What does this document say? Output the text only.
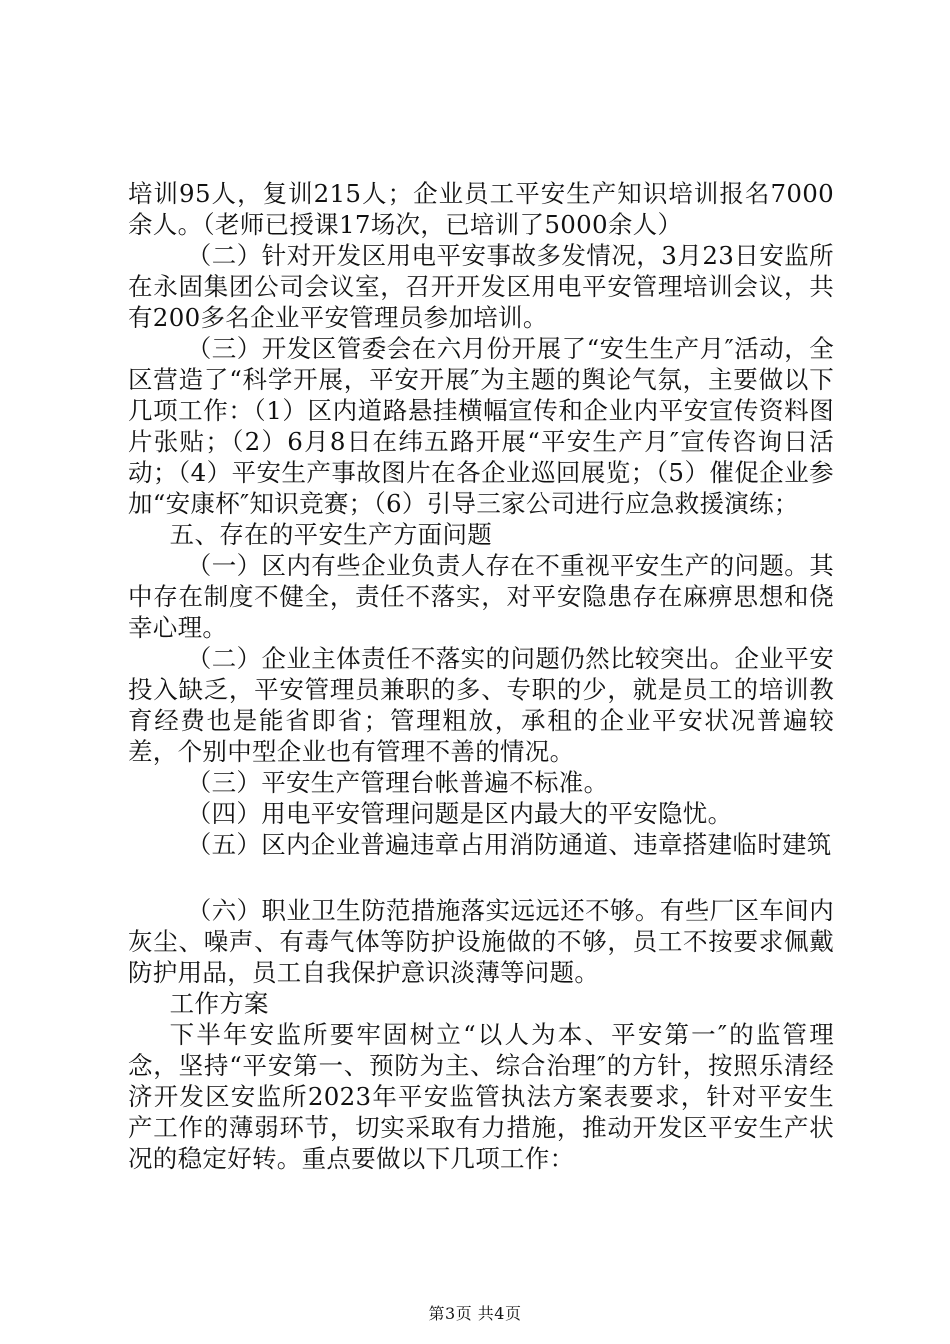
培训95人，复训215人；企业员工平安生产知识培训报名7000余人。（老师已授课17场次，已培训了5000余人）

（二）针对开发区用电平安事故多发情况，3月23日安监所在永固集团公司会议室，召开开发区用电平安管理培训会议，共有200多名企业平安管理员参加培训。

（三）开发区管委会在六月份开展了“安生生产月″活动，全区营造了“科学开展，平安开展″为主题的舆论气氛，主要做以下几项工作：（1）区内道路悬挂横幅宣传和企业内平安宣传资料图片张贴；（2）6月8日在纬五路开展“平安生产月″宣传咨询日活动；（4）平安生产事故图片在各企业巡回展览；（5）催促企业参加“安康杯″知识竞赛；（6）引导三家公司进行应急救援演练；

五、存在的平安生产方面问题

（一）区内有些企业负责人存在不重视平安生产的问题。其中存在制度不健全，责任不落实，对平安隐患存在麻痹思想和侥幸心理。

（二）企业主体责任不落实的问题仍然比较突出。企业平安投入缺乏，平安管理员兼职的多、专职的少，就是员工的培训教育经费也是能省即省；管理粗放，承租的企业平安状况普遍较差，个别中型企业也有管理不善的情况。

（三）平安生产管理台帐普遍不标准。

（四）用电平安管理问题是区内最大的平安隐忧。

（五）区内企业普遍违章占用消防通道、违章搭建临时建筑

（六）职业卫生防范措施落实远远还不够。有些厂区车间内灰尘、噪声、有毒气体等防护设施做的不够，员工不按要求佩戴防护用品，员工自我保护意识淡薄等问题。

工作方案

下半年安监所要牢固树立“以人为本、平安第一″的监管理念，坚持“平安第一、预防为主、综合治理″的方针，按照乐清经济开发区安监所2023年平安监管执法方案表要求，针对平安生产工作的薄弱环节，切实采取有力措施，推动开发区平安生产状况的稳定好转。重点要做以下几项工作：

第3页 共4页
